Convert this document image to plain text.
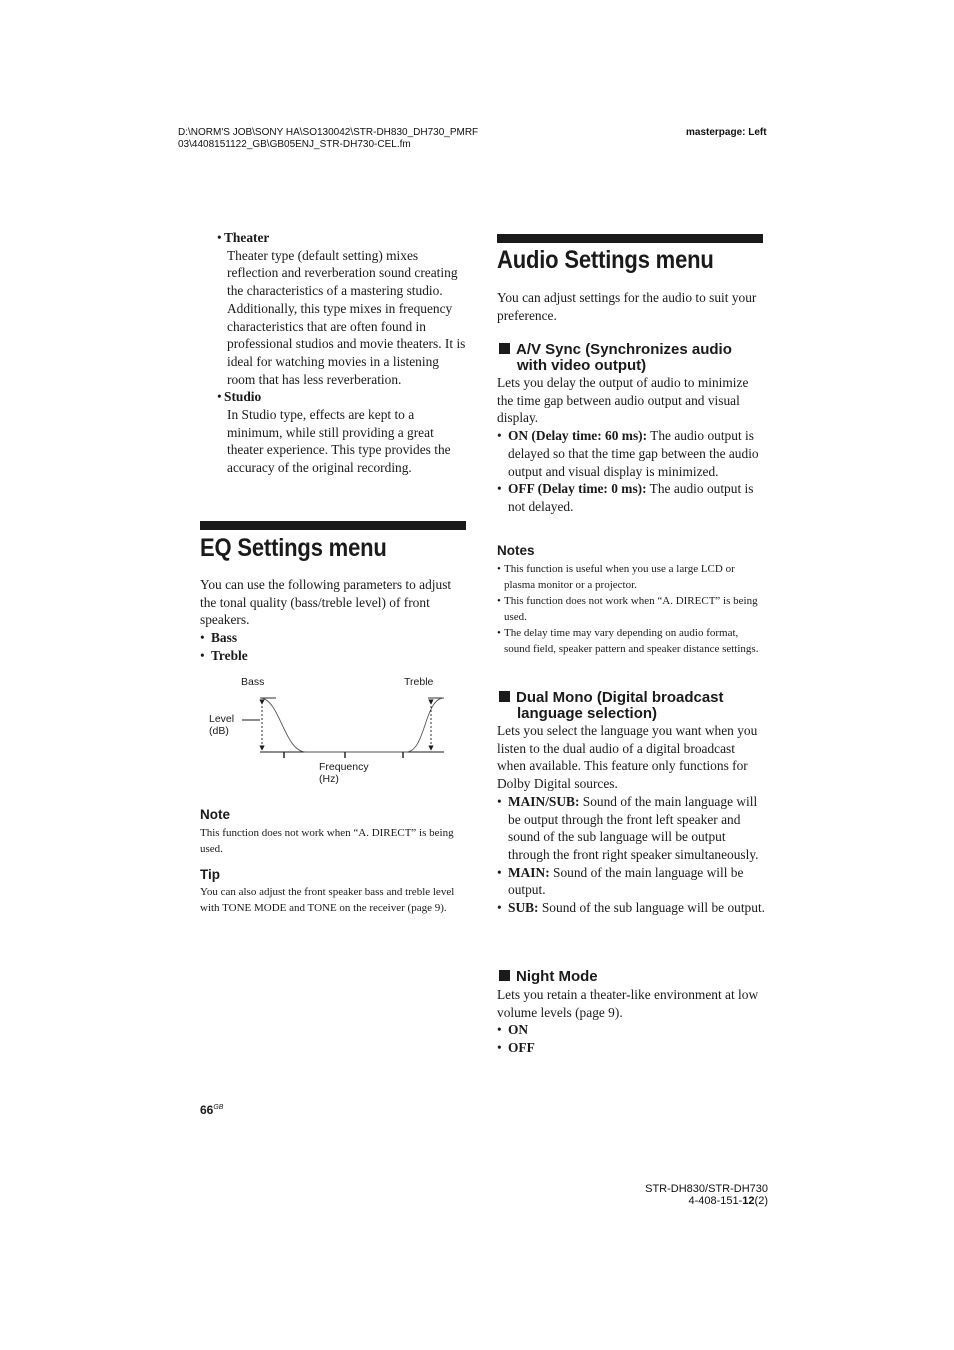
D:\NORM'S JOB\SONY HA\SO130042\STR-DH830_DH730_PMRF
03\4408151122_GB\GB05ENJ_STR-DH730-CEL.fm
masterpage: Left
• Theater

Theater type (default setting) mixes reflection and reverberation sound creating the characteristics of a mastering studio. Additionally, this type mixes in frequency characteristics that are often found in professional studios and movie theaters. It is ideal for watching movies in a listening room that has less reverberation.

• Studio

In Studio type, effects are kept to a minimum, while still providing a great theater experience. This type provides the accuracy of the original recording.

EQ Settings menu

You can use the following parameters to adjust the tonal quality (bass/treble level) of front speakers.

• Bass
• Treble
Bass	Treble
Level
(dB)
Frequency
(Hz)
Note
This function does not work when “A. DIRECT” is being used.
Tip
You can also adjust the front speaker bass and treble level with TONE MODE and TONE on the receiver (page 9).
Audio Settings menu
You can adjust settings for the audio to suit your preference.
A/V Sync (Synchronizes audio
with video output)

Lets you delay the output of audio to minimize the time gap between audio output and visual display.

• ON (Delay time: 60 ms): The audio output is delayed so that the time gap between the audio output and visual display is minimized.
• OFF (Delay time: 0 ms): The audio output is not delayed.
Notes
• This function is useful when you use a large LCD or plasma monitor or a projector.
• This function does not work when “A. DIRECT” is being used.
• The delay time may vary depending on audio format, sound field, speaker pattern and speaker distance settings.
Dual Mono (Digital broadcast
language selection)

Lets you select the language you want when you listen to the dual audio of a digital broadcast when available. This feature only functions for Dolby Digital sources.

• MAIN/SUB: Sound of the main language will be output through the front left speaker and sound of the sub language will be output through the front right speaker simultaneously.
• MAIN: Sound of the main language will be output.
• SUB: Sound of the sub language will be output.
Night Mode

Lets you retain a theater-like environment at low volume levels (page 9).

• ON
• OFF
$66^{GB}$
STR-DH830/STR-DH730
4-408-151-12(2)
